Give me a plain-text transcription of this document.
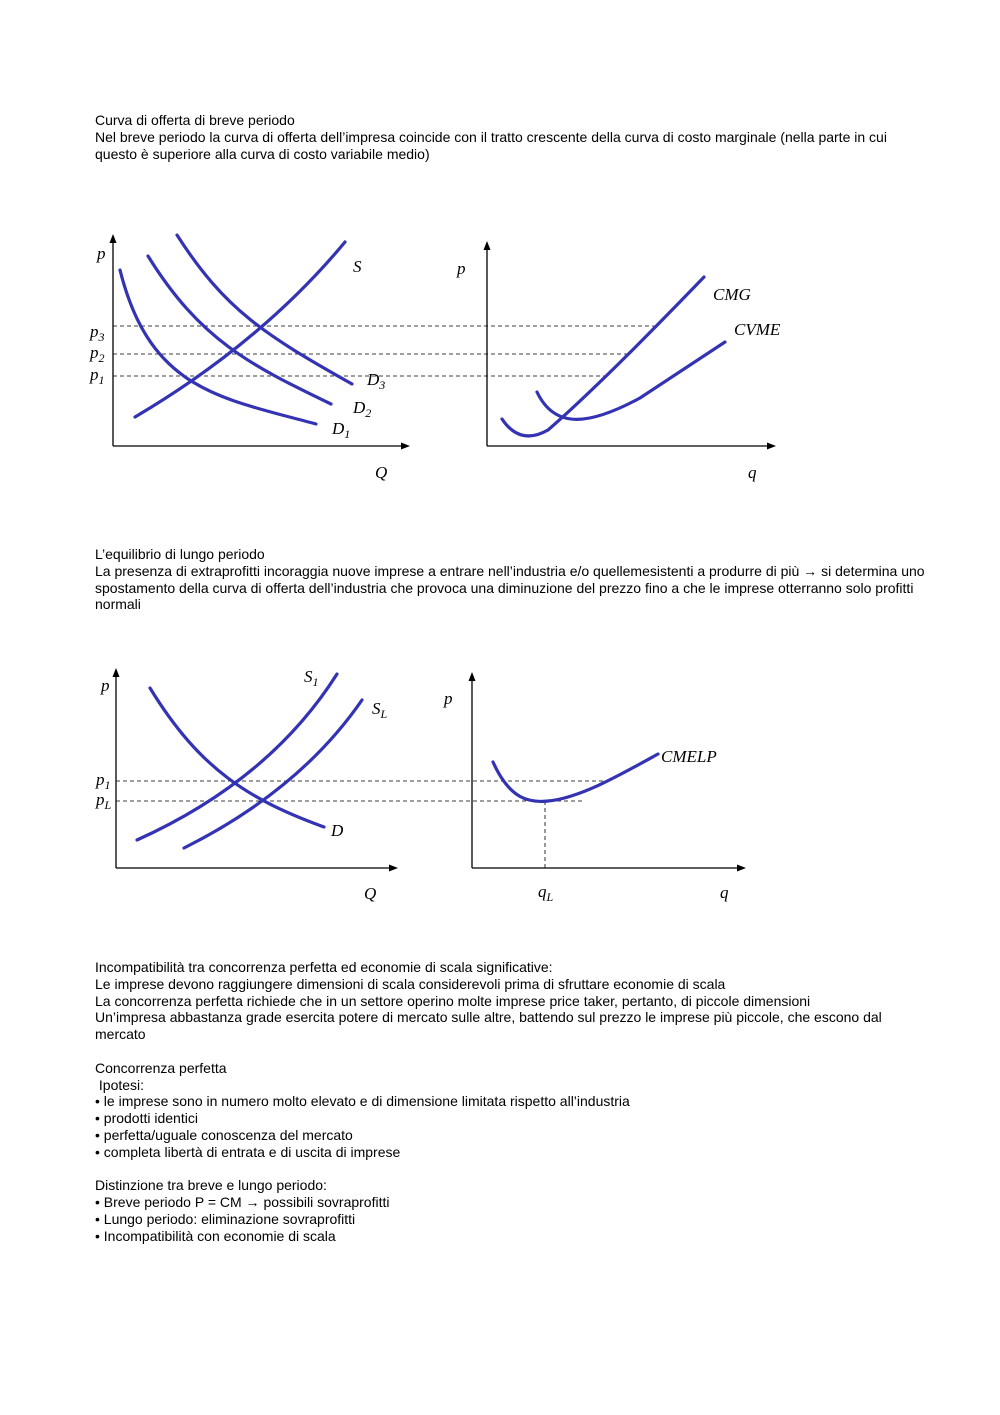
Curva di offerta di breve periodo

Nel breve periodo la curva di offerta dell’impresa coincide con il tratto crescente della curva di costo marginale (nella parte in cui questo è superiore alla curva di costo variabile medio)

p
Q
S
$p_3$
$p_2$
$p_1$	$D_3$
$D_2$
$D_1$
p
q
CMG
CVME

L’equilibrio di lungo periodo

La presenza di extraprofitti incoraggia nuove imprese a entrare nell’industria e/o quellemesistenti a produrre di più → si determina uno spostamento della curva di offerta dell’industria che provoca una diminuzione del prezzo fino a che le imprese otterranno solo profitti normali

p
Q
$S_1$
$S_L$
D
$p_1$
$p_L$
p
q
$q_L$
CMELP

Incompatibilità tra concorrenza perfetta ed economie di scala significative:

Le imprese devono raggiungere dimensioni di scala considerevoli prima di sfruttare economie di scala

La concorrenza perfetta richiede che in un settore operino molte imprese price taker, pertanto, di piccole dimensioni

Un’impresa abbastanza grade esercita potere di mercato sulle altre, battendo sul prezzo le imprese più piccole, che escono dal mercato

Concorrenza perfetta

Ipotesi:

• le imprese sono in numero molto elevato e di dimensione limitata rispetto all’industria

• prodotti identici

• perfetta/uguale conoscenza del mercato

• completa libertà di entrata e di uscita di imprese

Distinzione tra breve e lungo periodo:

• Breve periodo P = CM → possibili sovraprofitti

• Lungo periodo: eliminazione sovraprofitti

• Incompatibilità con economie di scala
